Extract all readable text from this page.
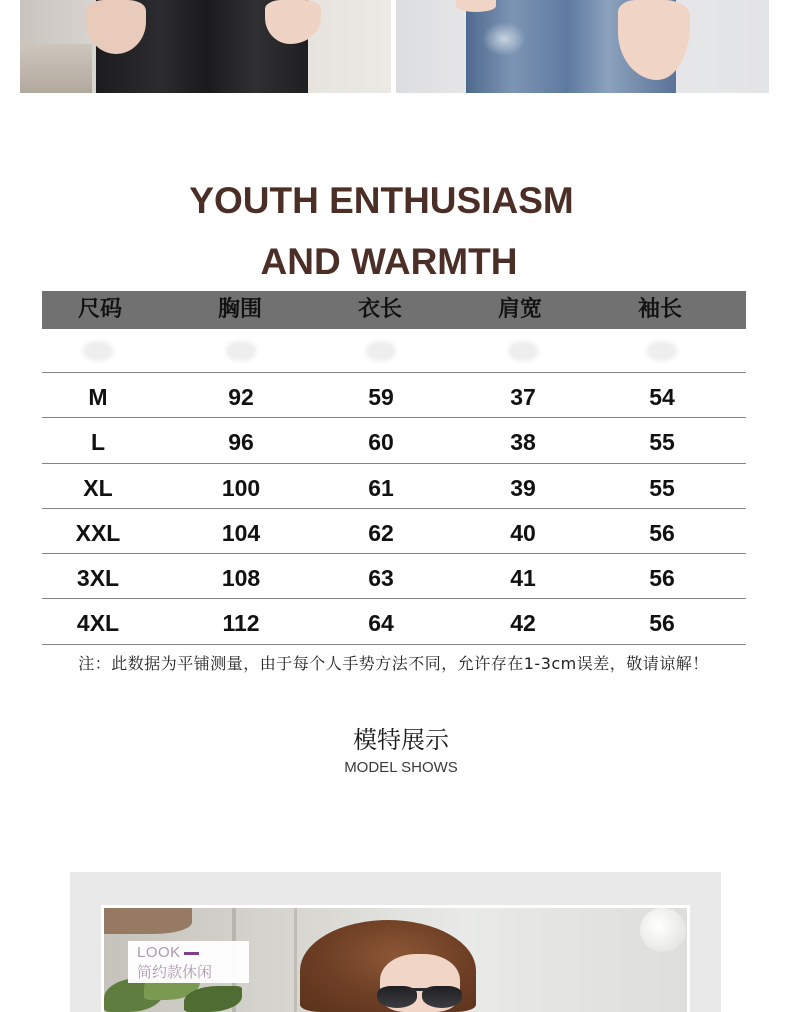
YOUTH ENTHUSIASM
AND WARMTH
尺码	胸围	衣长	肩宽	袖长
M	92	59	37	54
L	96	60	38	55
XL	100	61	39	55
XXL	104	62	40	56
3XL	108	63	41	56
4XL	112	64	42	56
注：此数据为平铺测量，由于每个人手势方法不同，允许存在1-3cm误差，敬请谅解！
模特展示
MODEL SHOWS
LOOK
简约款休闲
